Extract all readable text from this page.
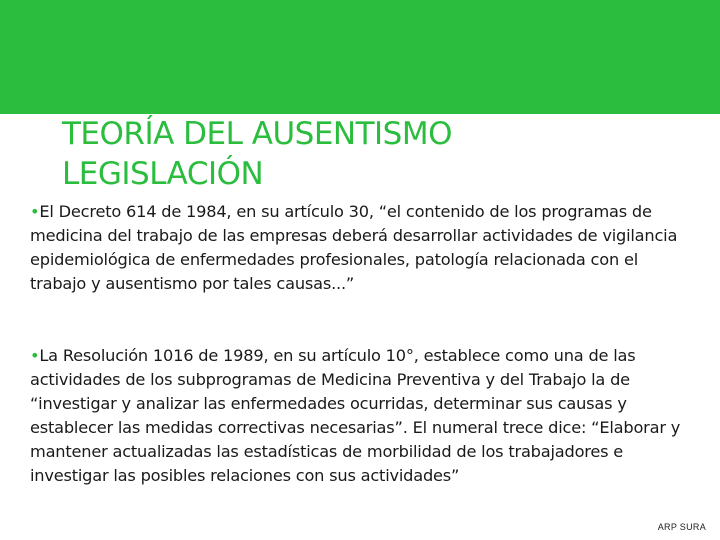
TEORÍA DEL AUSENTISMO
LEGISLACIÓN

•El Decreto 614 de 1984, en su artículo 30, “el contenido de los programas de medicina del trabajo de las empresas deberá desarrollar actividades de vigilancia epidemiológica de enfermedades profesionales, patología relacionada con el trabajo y ausentismo por tales causas...”

•La Resolución 1016 de 1989, en su artículo 10°, establece como una de las actividades de los subprogramas de Medicina Preventiva y del Trabajo la de “investigar y analizar las enfermedades ocurridas, determinar sus causas y establecer las medidas correctivas necesarias”. El numeral trece dice: “Elaborar y mantener actualizadas las estadísticas de morbilidad de los trabajadores e investigar las posibles relaciones con sus actividades”

ARP SURA
